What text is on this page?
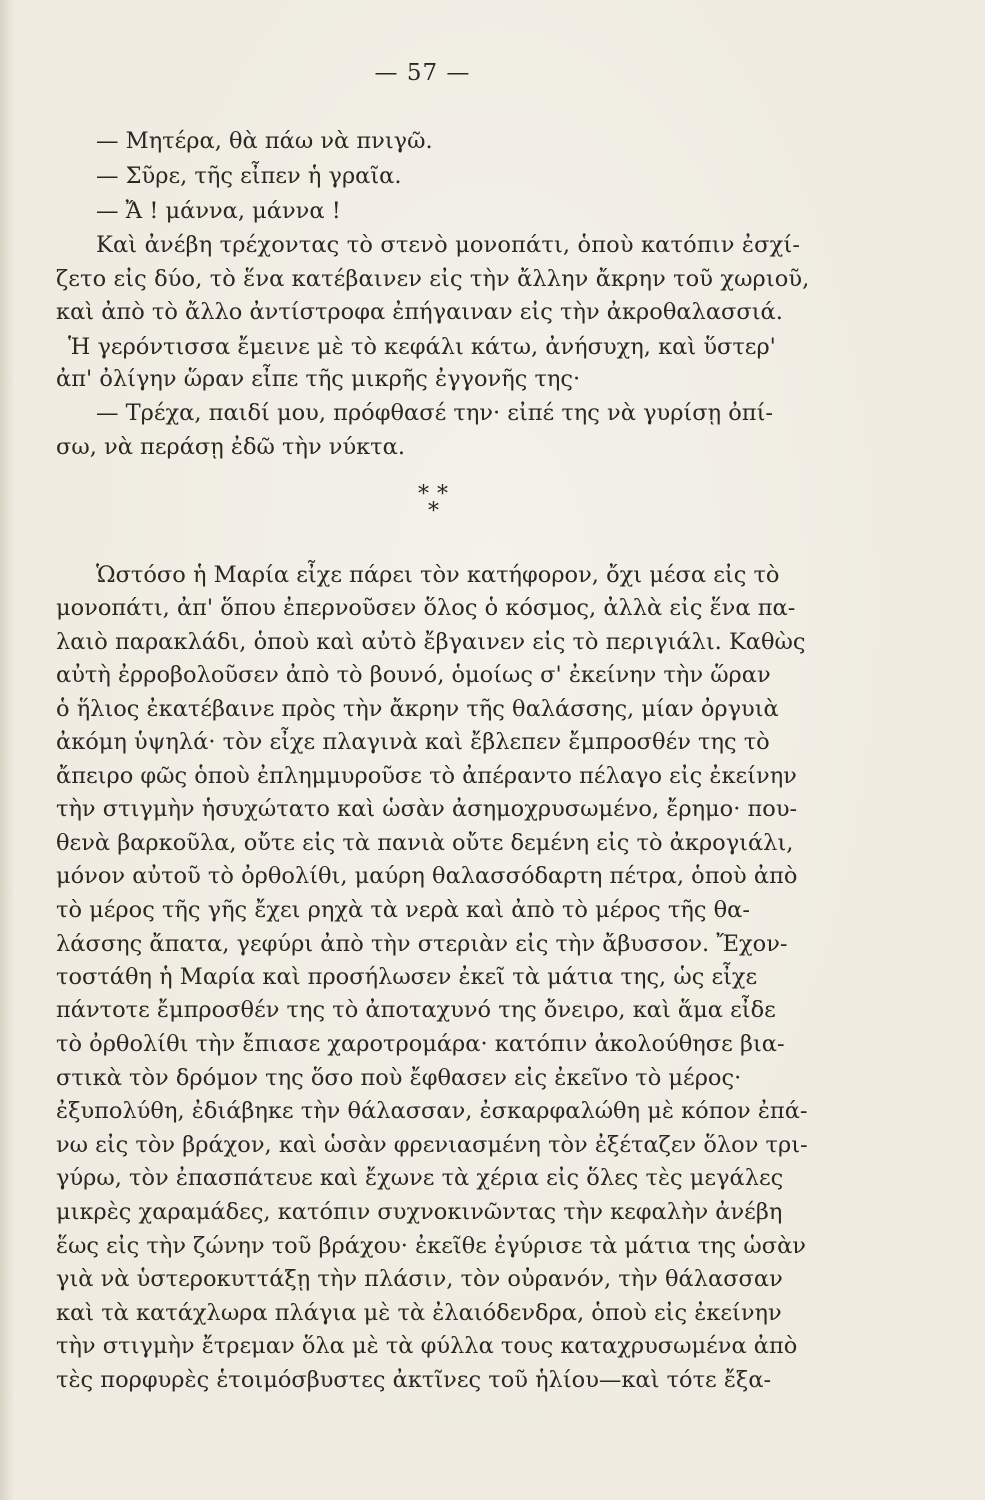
— 57 —
— Μητέρα, θὰ πάω νὰ πνιγῶ.
— Σῦρε, τῆς εἶπεν ἡ γραῖα.
— Ἄ ! μάννα, μάννα !
Καὶ ἀνέβη τρέχοντας τὸ στενὸ μονοπάτι, ὁποὺ κατόπιν ἐσχί-
ζετο εἰς δύο, τὸ ἕνα κατέβαινεν εἰς τὴν ἄλλην ἄκρην τοῦ χωριοῦ,
καὶ ἀπὸ τὸ ἄλλο ἀντίστροφα ἐπήγαιναν εἰς τὴν ἀκροθαλασσιά.
Ἡ γερόντισσα ἔμεινε μὲ τὸ κεφάλι κάτω, ἀνήσυχη, καὶ ὕστερ'
ἀπ' ὀλίγην ὥραν εἶπε τῆς μικρῆς ἐγγονῆς της·
— Τρέχα, παιδί μου, πρόφθασέ την· εἰπέ της νὰ γυρίσῃ ὀπί-
σω, νὰ περάσῃ ἐδῶ τὴν νύκτα.
* *
*
Ὡστόσο ἡ Μαρία εἶχε πάρει τὸν κατήφορον, ὄχι μέσα εἰς τὸ
μονοπάτι, ἀπ' ὅπου ἐπερνοῦσεν ὅλος ὁ κόσμος, ἀλλὰ εἰς ἕνα πα-
λαιὸ παρακλάδι, ὁποὺ καὶ αὐτὸ ἔβγαινεν εἰς τὸ περιγιάλι. Καθὼς
αὐτὴ ἐρροβολοῦσεν ἀπὸ τὸ βουνό, ὁμοίως σ' ἐκείνην τὴν ὥραν
ὁ ἥλιος ἐκατέβαινε πρὸς τὴν ἄκρην τῆς θαλάσσης, μίαν ὀργυιὰ
ἀκόμη ὑψηλά· τὸν εἶχε πλαγινὰ καὶ ἔβλεπεν ἔμπροσθέν της τὸ
ἄπειρο φῶς ὁποὺ ἐπλημμυροῦσε τὸ ἀπέραντο πέλαγο εἰς ἐκείνην
τὴν στιγμὴν ἡσυχώτατο καὶ ὡσὰν ἀσημοχρυσωμένο, ἔρημο· που-
θενὰ βαρκοῦλα, οὔτε εἰς τὰ πανιὰ οὔτε δεμένη εἰς τὸ ἀκρογιάλι,
μόνον αὐτοῦ τὸ ὀρθολίθι, μαύρη θαλασσόδαρτη πέτρα, ὁποὺ ἀπὸ
τὸ μέρος τῆς γῆς ἔχει ρηχὰ τὰ νερὰ καὶ ἀπὸ τὸ μέρος τῆς θα-
λάσσης ἄπατα, γεφύρι ἀπὸ τὴν στεριὰν εἰς τὴν ἄβυσσον. Ἔχον-
τοστάθη ἡ Μαρία καὶ προσήλωσεν ἐκεῖ τὰ μάτια της, ὡς εἶχε
πάντοτε ἔμπροσθέν της τὸ ἀποταχυνό της ὄνειρο, καὶ ἅμα εἶδε
τὸ ὀρθολίθι τὴν ἔπιασε χαροτρομάρα· κατόπιν ἀκολούθησε βια-
στικὰ τὸν δρόμον της ὅσο ποὺ ἔφθασεν εἰς ἐκεῖνο τὸ μέρος·
ἐξυπολύθη, ἐδιάβηκε τὴν θάλασσαν, ἐσκαρφαλώθη μὲ κόπον ἐπά-
νω εἰς τὸν βράχον, καὶ ὡσὰν φρενιασμένη τὸν ἐξέταζεν ὅλον τρι-
γύρω, τὸν ἐπασπάτευε καὶ ἔχωνε τὰ χέρια εἰς ὅλες τὲς μεγάλες
μικρὲς χαραμάδες, κατόπιν συχνοκινῶντας τὴν κεφαλὴν ἀνέβη
ἕως εἰς τὴν ζώνην τοῦ βράχου· ἐκεῖθε ἐγύρισε τὰ μάτια της ὡσὰν
γιὰ νὰ ὑστεροκυττάξῃ τὴν πλάσιν, τὸν οὐρανόν, τὴν θάλασσαν
καὶ τὰ κατάχλωρα πλάγια μὲ τὰ ἐλαιόδενδρα, ὁποὺ εἰς ἐκείνην
τὴν στιγμὴν ἔτρεμαν ὅλα μὲ τὰ φύλλα τους καταχρυσωμένα ἀπὸ
τὲς πορφυρὲς ἑτοιμόσβυστες ἀκτῖνες τοῦ ἡλίου—καὶ τότε ἔξα-
